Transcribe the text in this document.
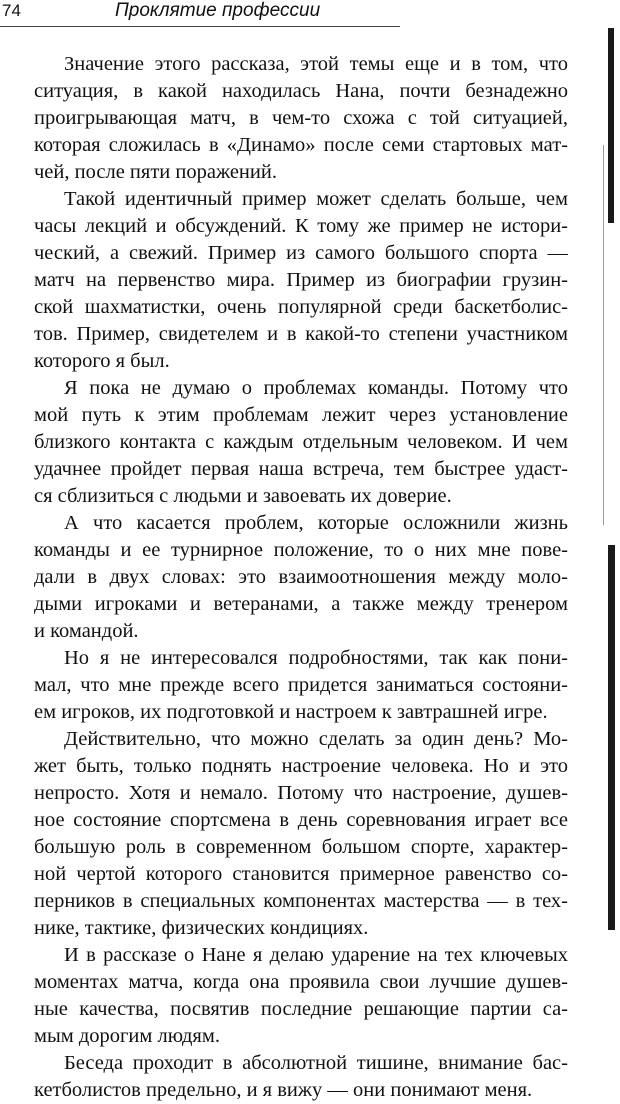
74	Проклятие профессии
Значение этого рассказа, этой темы еще и в том, что
ситуация, в какой находилась Нана, почти безнадежно
проигрывающая матч, в чем-то схожа с той ситуацией,
которая сложилась в «Динамо» после семи стартовых мат-
чей, после пяти поражений.
Такой идентичный пример может сделать больше, чем
часы лекций и обсуждений. К тому же пример не истори-
ческий, а свежий. Пример из самого большого спорта —
матч на первенство мира. Пример из биографии грузин-
ской шахматистки, очень популярной среди баскетболис-
тов. Пример, свидетелем и в какой-то степени участником
которого я был.
Я пока не думаю о проблемах команды. Потому что
мой путь к этим проблемам лежит через установление
близкого контакта с каждым отдельным человеком. И чем
удачнее пройдет первая наша встреча, тем быстрее удаст-
ся сблизиться с людьми и завоевать их доверие.
А что касается проблем, которые осложнили жизнь
команды и ее турнирное положение, то о них мне пове-
дали в двух словах: это взаимоотношения между моло-
дыми игроками и ветеранами, а также между тренером
и командой.
Но я не интересовался подробностями, так как пони-
мал, что мне прежде всего придется заниматься состояни-
ем игроков, их подготовкой и настроем к завтрашней игре.
Действительно, что можно сделать за один день? Мо-
жет быть, только поднять настроение человека. Но и это
непросто. Хотя и немало. Потому что настроение, душев-
ное состояние спортсмена в день соревнования играет все
большую роль в современном большом спорте, характер-
ной чертой которого становится примерное равенство со-
перников в специальных компонентах мастерства — в тех-
нике, тактике, физических кондициях.
И в рассказе о Нане я делаю ударение на тех ключевых
моментах матча, когда она проявила свои лучшие душев-
ные качества, посвятив последние решающие партии са-
мым дорогим людям.
Беседа проходит в абсолютной тишине, внимание бас-
кетболистов предельно, и я вижу — они понимают меня.
